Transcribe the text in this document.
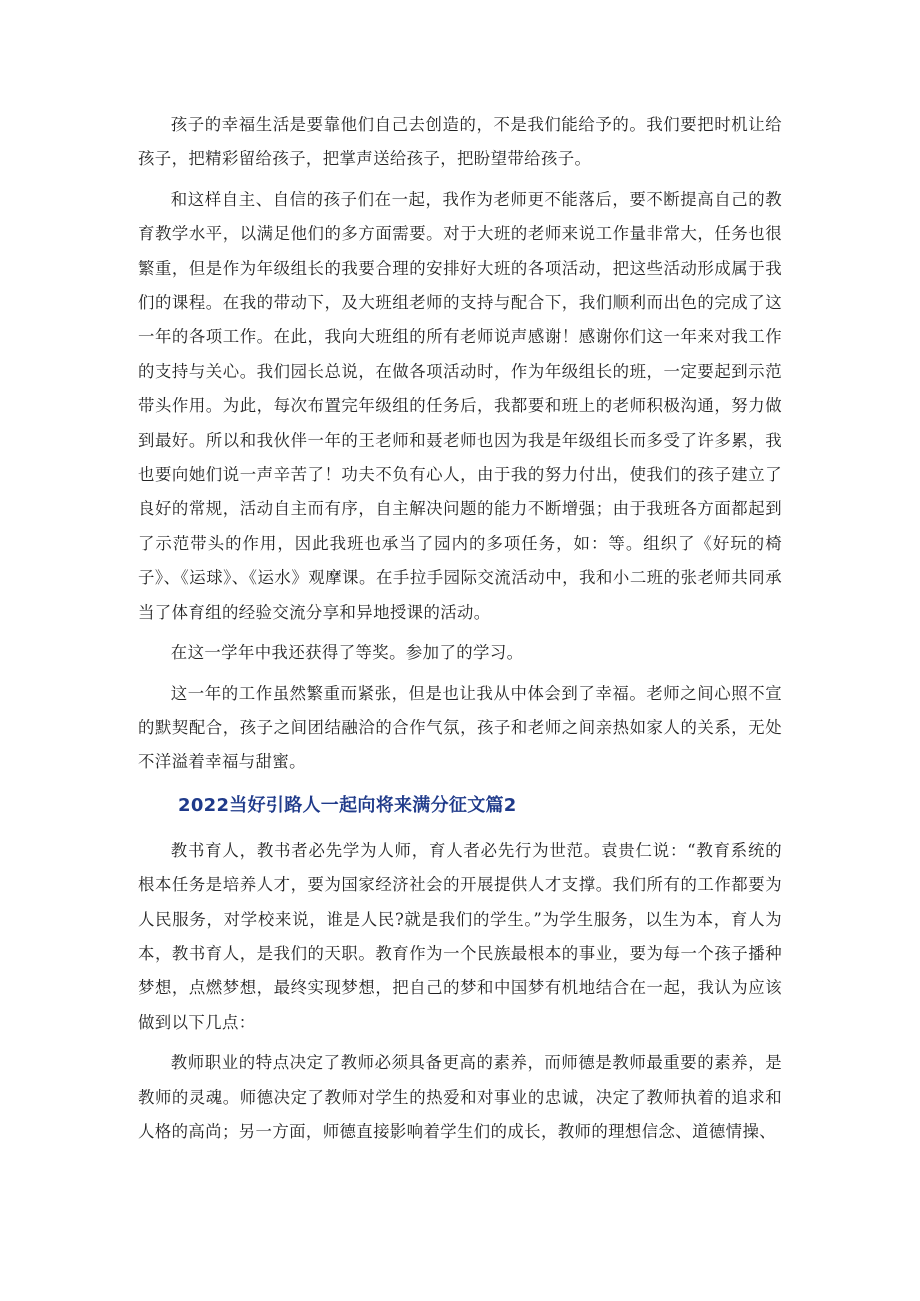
孩子的幸福生活是要靠他们自己去创造的，不是我们能给予的。我们要把时机让给孩子，把精彩留给孩子，把掌声送给孩子，把盼望带给孩子。

和这样自主、自信的孩子们在一起，我作为老师更不能落后，要不断提高自己的教育教学水平，以满足他们的多方面需要。对于大班的老师来说工作量非常大，任务也很繁重，但是作为年级组长的我要合理的安排好大班的各项活动，把这些活动形成属于我们的课程。在我的带动下，及大班组老师的支持与配合下，我们顺利而出色的完成了这一年的各项工作。在此，我向大班组的所有老师说声感谢！感谢你们这一年来对我工作的支持与关心。我们园长总说，在做各项活动时，作为年级组长的班，一定要起到示范带头作用。为此，每次布置完年级组的任务后，我都要和班上的老师积极沟通，努力做到最好。所以和我伙伴一年的王老师和聂老师也因为我是年级组长而多受了许多累，我也要向她们说一声辛苦了！功夫不负有心人，由于我的努力付出，使我们的孩子建立了良好的常规，活动自主而有序，自主解决问题的能力不断增强；由于我班各方面都起到了示范带头的作用，因此我班也承当了园内的多项任务，如：等。组织了《好玩的椅子》、《运球》、《运水》观摩课。在手拉手园际交流活动中，我和小二班的张老师共同承当了体育组的经验交流分享和异地授课的活动。

在这一学年中我还获得了等奖。参加了的学习。

这一年的工作虽然繁重而紧张，但是也让我从中体会到了幸福。老师之间心照不宣的默契配合，孩子之间团结融洽的合作气氛，孩子和老师之间亲热如家人的关系，无处不洋溢着幸福与甜蜜。

2022当好引路人一起向将来满分征文篇2

教书育人，教书者必先学为人师，育人者必先行为世范。袁贵仁说：“教育系统的根本任务是培养人才，要为国家经济社会的开展提供人才支撑。我们所有的工作都要为人民服务，对学校来说，谁是人民?就是我们的学生。”为学生服务，以生为本，育人为本，教书育人，是我们的天职。教育作为一个民族最根本的事业，要为每一个孩子播种梦想，点燃梦想，最终实现梦想，把自己的梦和中国梦有机地结合在一起，我认为应该做到以下几点：

教师职业的特点决定了教师必须具备更高的素养，而师德是教师最重要的素养，是教师的灵魂。师德决定了教师对学生的热爱和对事业的忠诚，决定了教师执着的追求和人格的高尚；另一方面，师德直接影响着学生们的成长，教师的理想信念、道德情操、
